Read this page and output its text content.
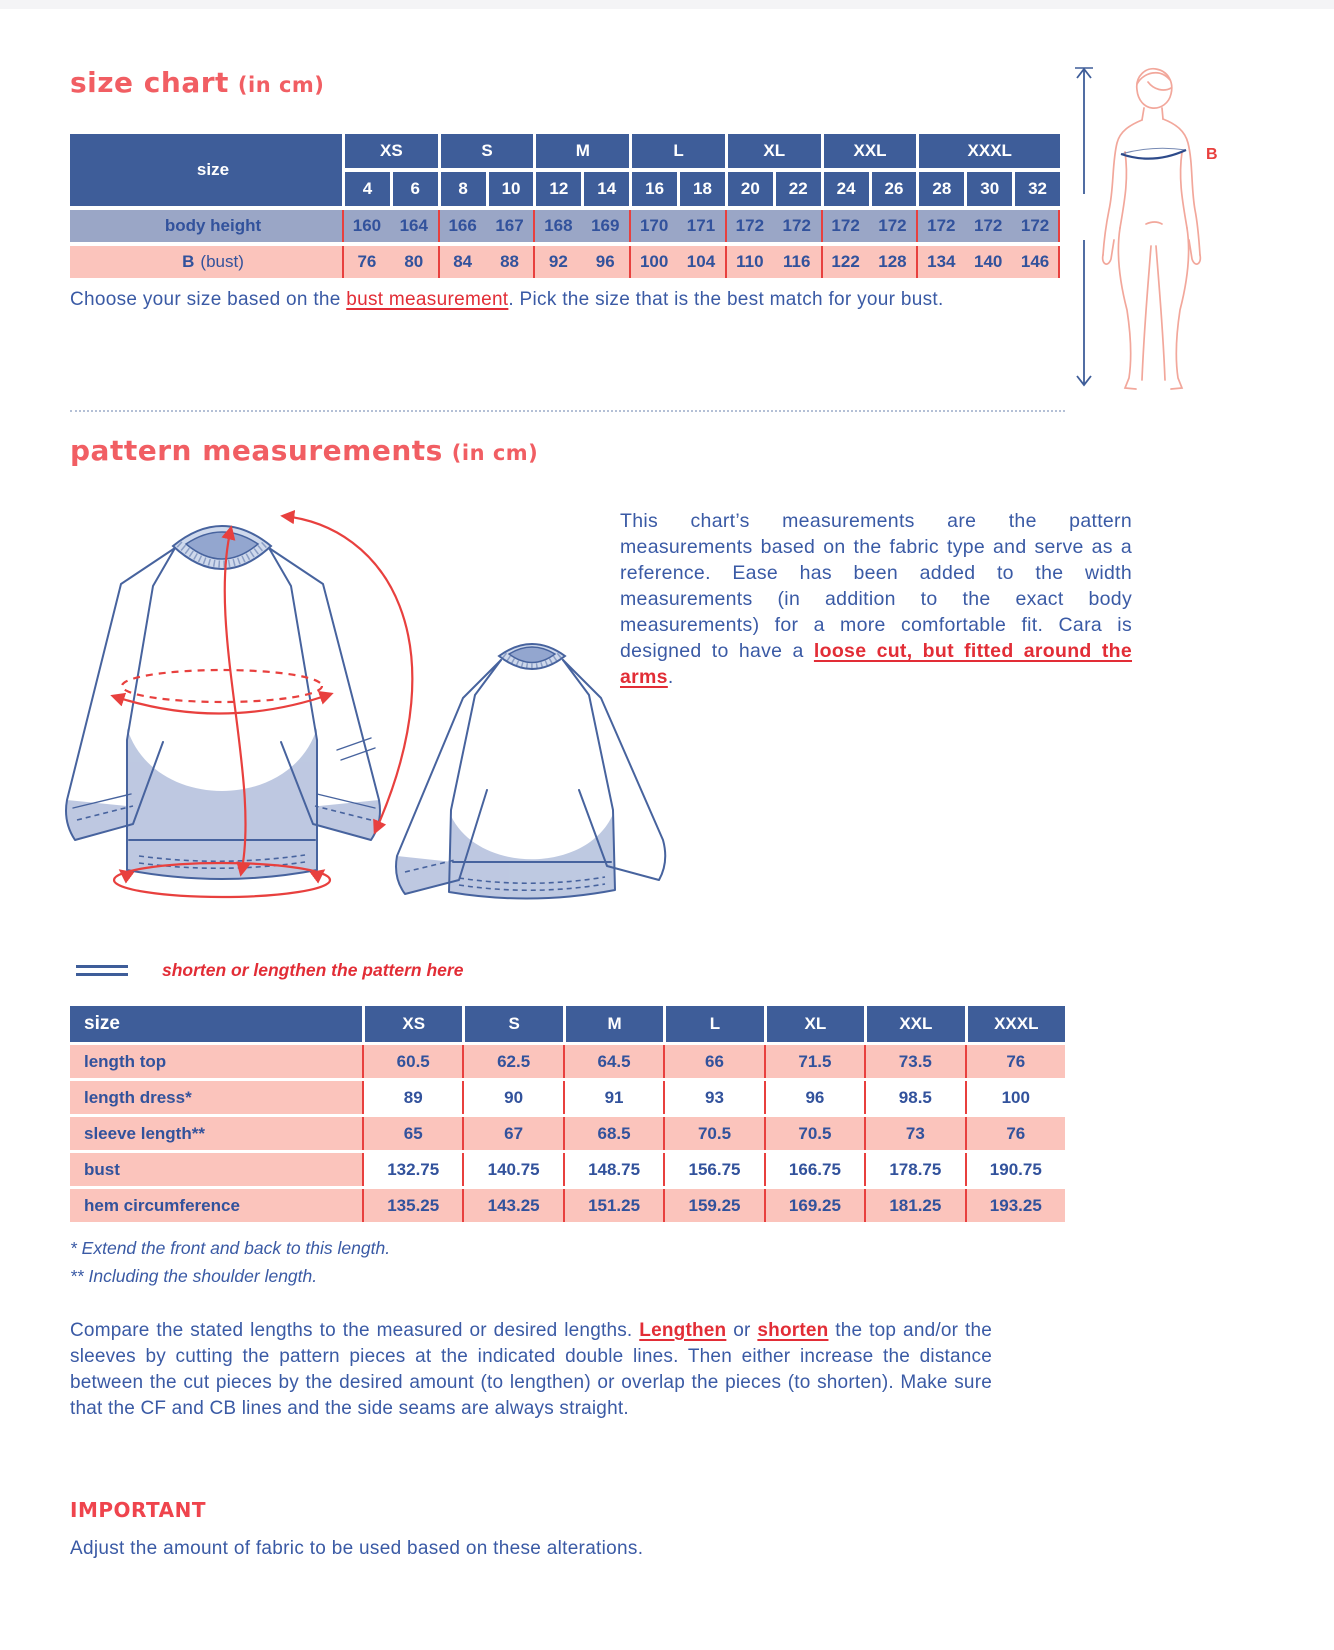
size chart (in cm)
size
XS	S	M	L	XL	XXL	XXXL
4	6	8	10	12	14	16	18	20	22	24	26	28	30	32
body height	160	164	166	167	168	169	170	171	172	172	172	172	172	172	172
B (bust)	76	80	84	88	92	96	100	104	110	116	122	128	134	140	146
B
Choose your size based on the bust measurement. Pick the size that is the best match for your bust.
pattern measurements (in cm)
This chart’s measurements are the pattern measurements based on the fabric type and serve as a reference. Ease has been added to the width measurements (in addition to the exact body measurements) for a more comfortable fit. Cara is designed to have a loose cut, but fitted around the arms.
shorten or lengthen the pattern here
size	XS	S	M	L	XL	XXL	XXXL
length top	60.5	62.5	64.5	66	71.5	73.5	76
length dress*	89	90	91	93	96	98.5	100
sleeve length**	65	67	68.5	70.5	70.5	73	76
bust	132.75	140.75	148.75	156.75	166.75	178.75	190.75
hem circumference	135.25	143.25	151.25	159.25	169.25	181.25	193.25
* Extend the front and back to this length.
** Including the shoulder length.
Compare the stated lengths to the measured or desired lengths. Lengthen or shorten the top and/or the sleeves by cutting the pattern pieces at the indicated double lines. Then either increase the distance between the cut pieces by the desired amount (to lengthen) or overlap the pieces (to shorten). Make sure that the CF and CB lines and the side seams are always straight.
IMPORTANT
Adjust the amount of fabric to be used based on these alterations.
